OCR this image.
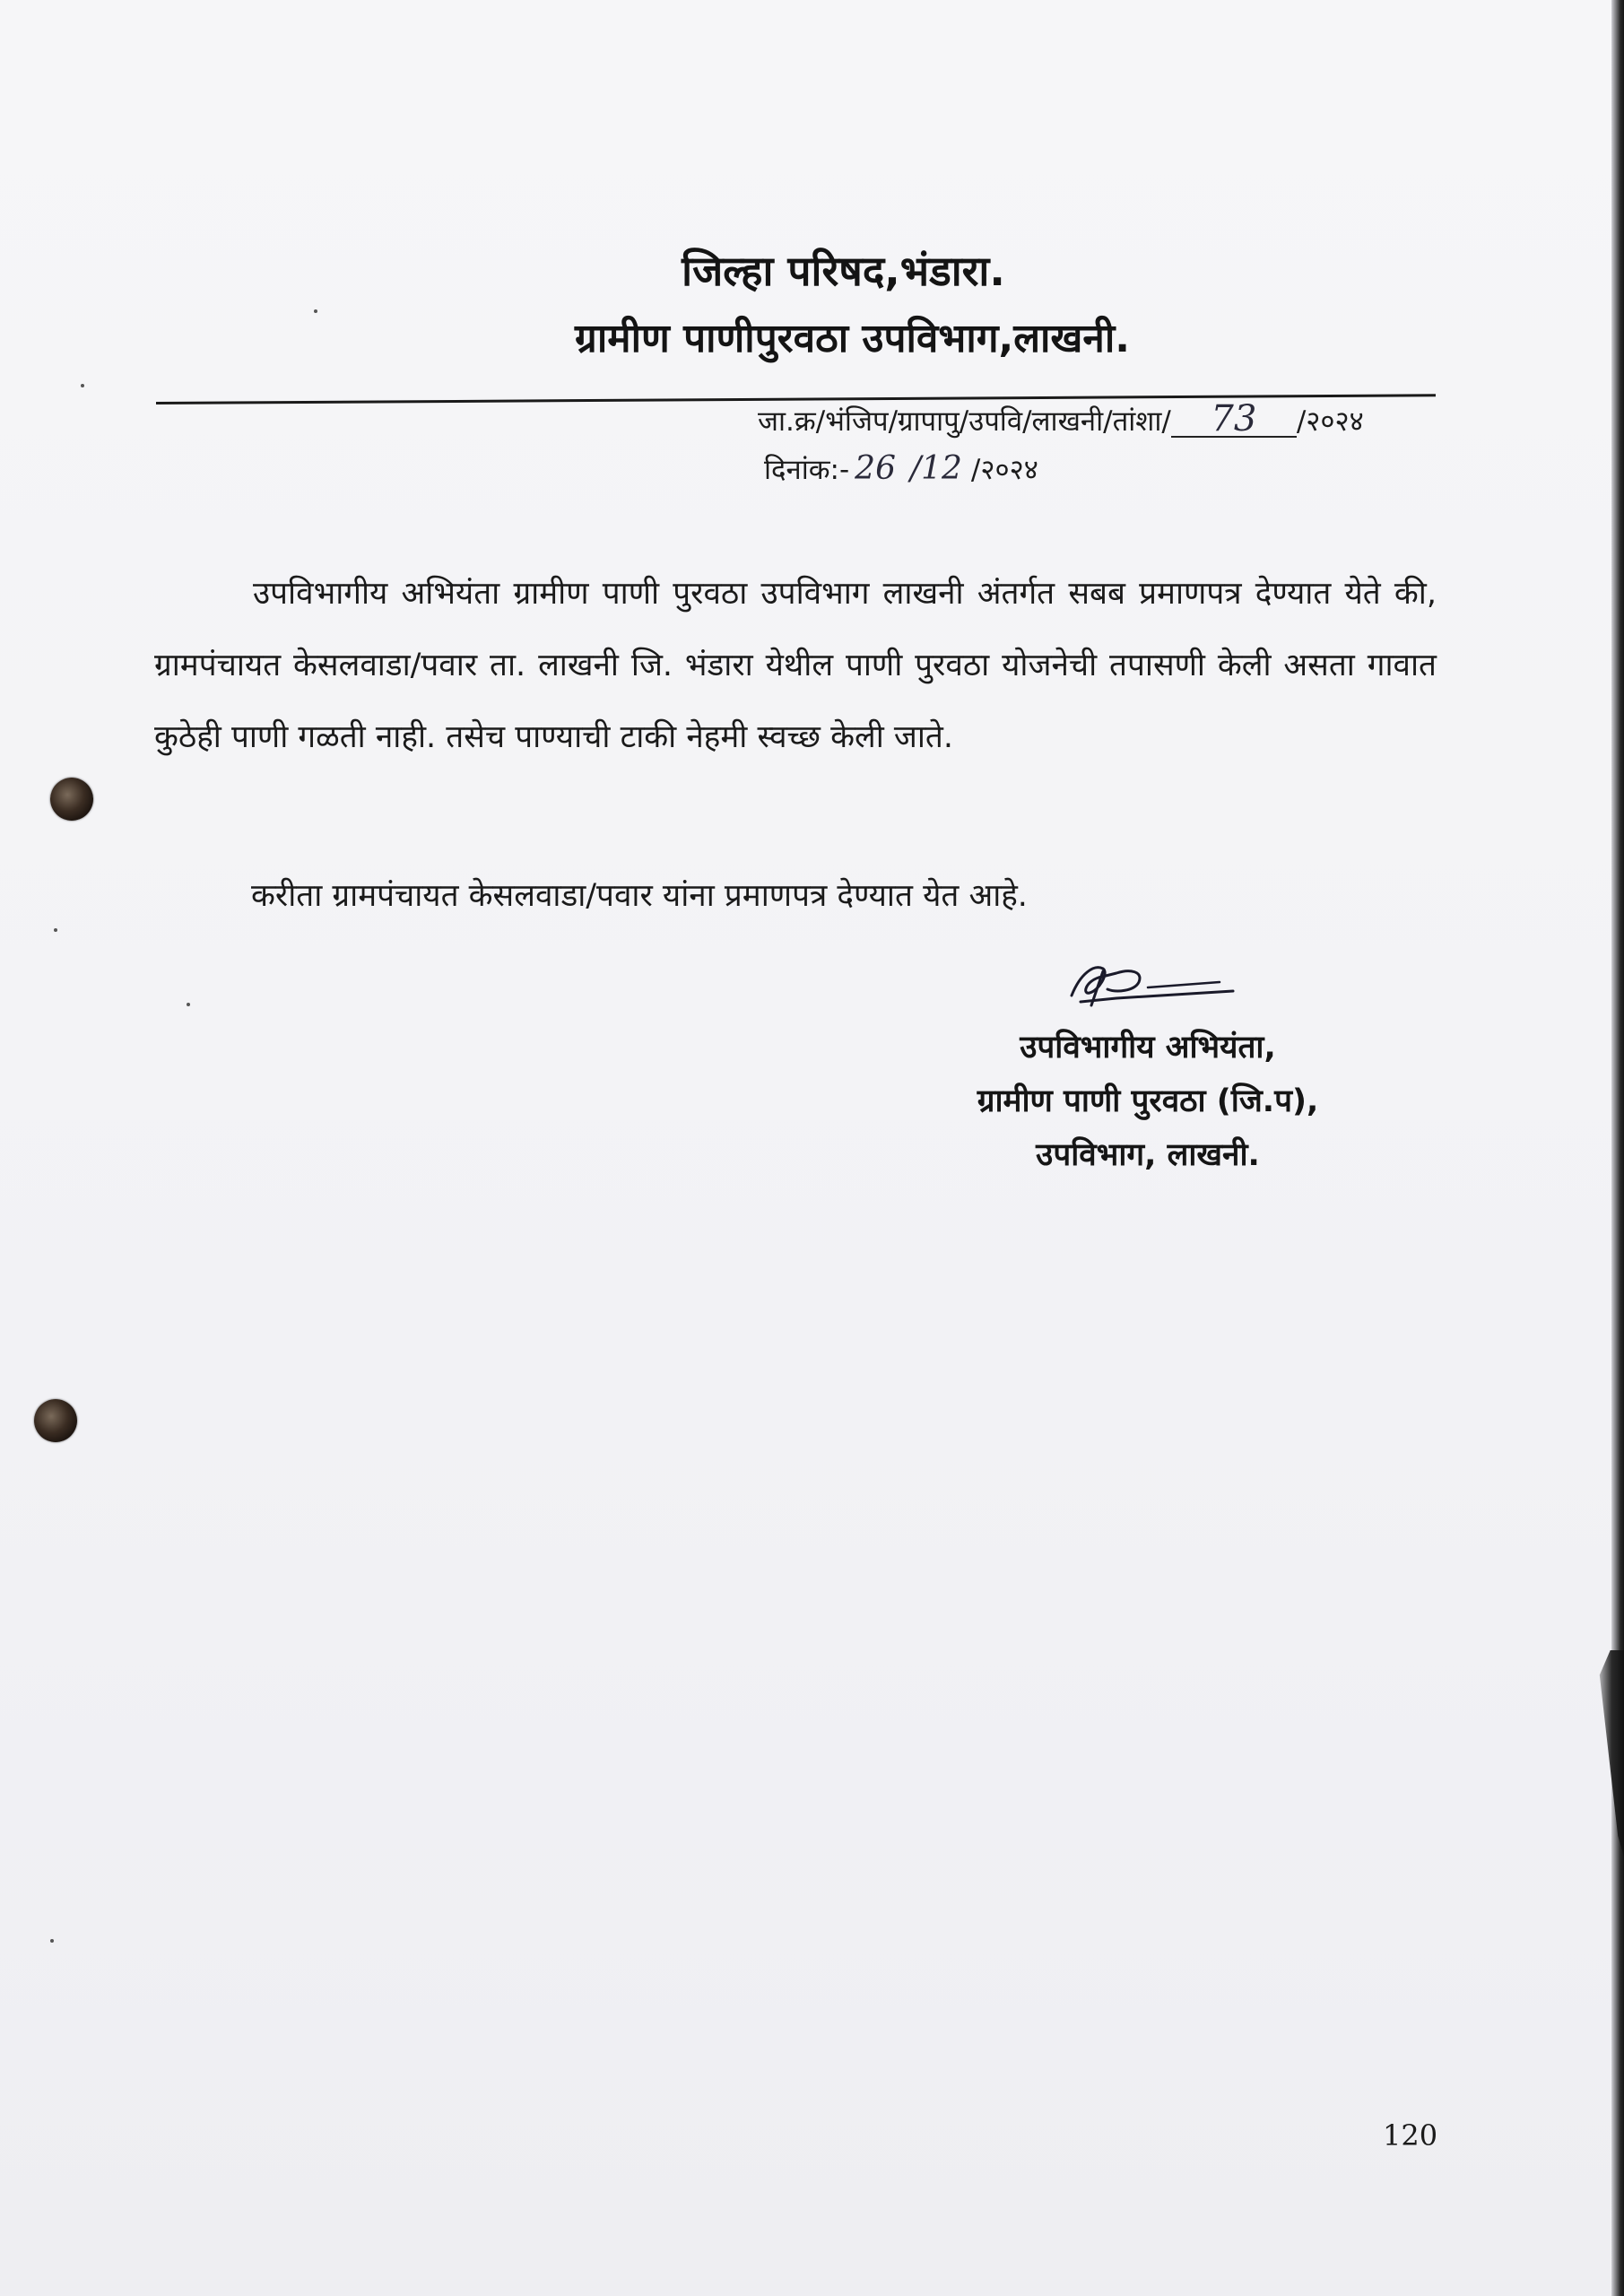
जिल्हा परिषद,भंडारा.
ग्रामीण पाणीपुरवठा उपविभाग,लाखनी.
जा.क्र/भंजिप/ग्रापापु/उपवि/लाखनी/तांशा/ 73 /२०२४
दिनांक:- 26 /12 /२०२४
उपविभागीय अभियंता ग्रामीण पाणी पुरवठा उपविभाग लाखनी अंतर्गत सबब प्रमाणपत्र देण्यात येते की, ग्रामपंचायत केसलवाडा/पवार ता. लाखनी जि. भंडारा येथील पाणी पुरवठा योजनेची तपासणी केली असता गावात कुठेही पाणी गळती नाही. तसेच पाण्याची टाकी नेहमी स्वच्छ केली जाते.
करीता ग्रामपंचायत केसलवाडा/पवार यांना प्रमाणपत्र देण्यात येत आहे.
उपविभागीय अभियंता,
ग्रामीण पाणी पुरवठा (जि.प),
उपविभाग, लाखनी.
120
